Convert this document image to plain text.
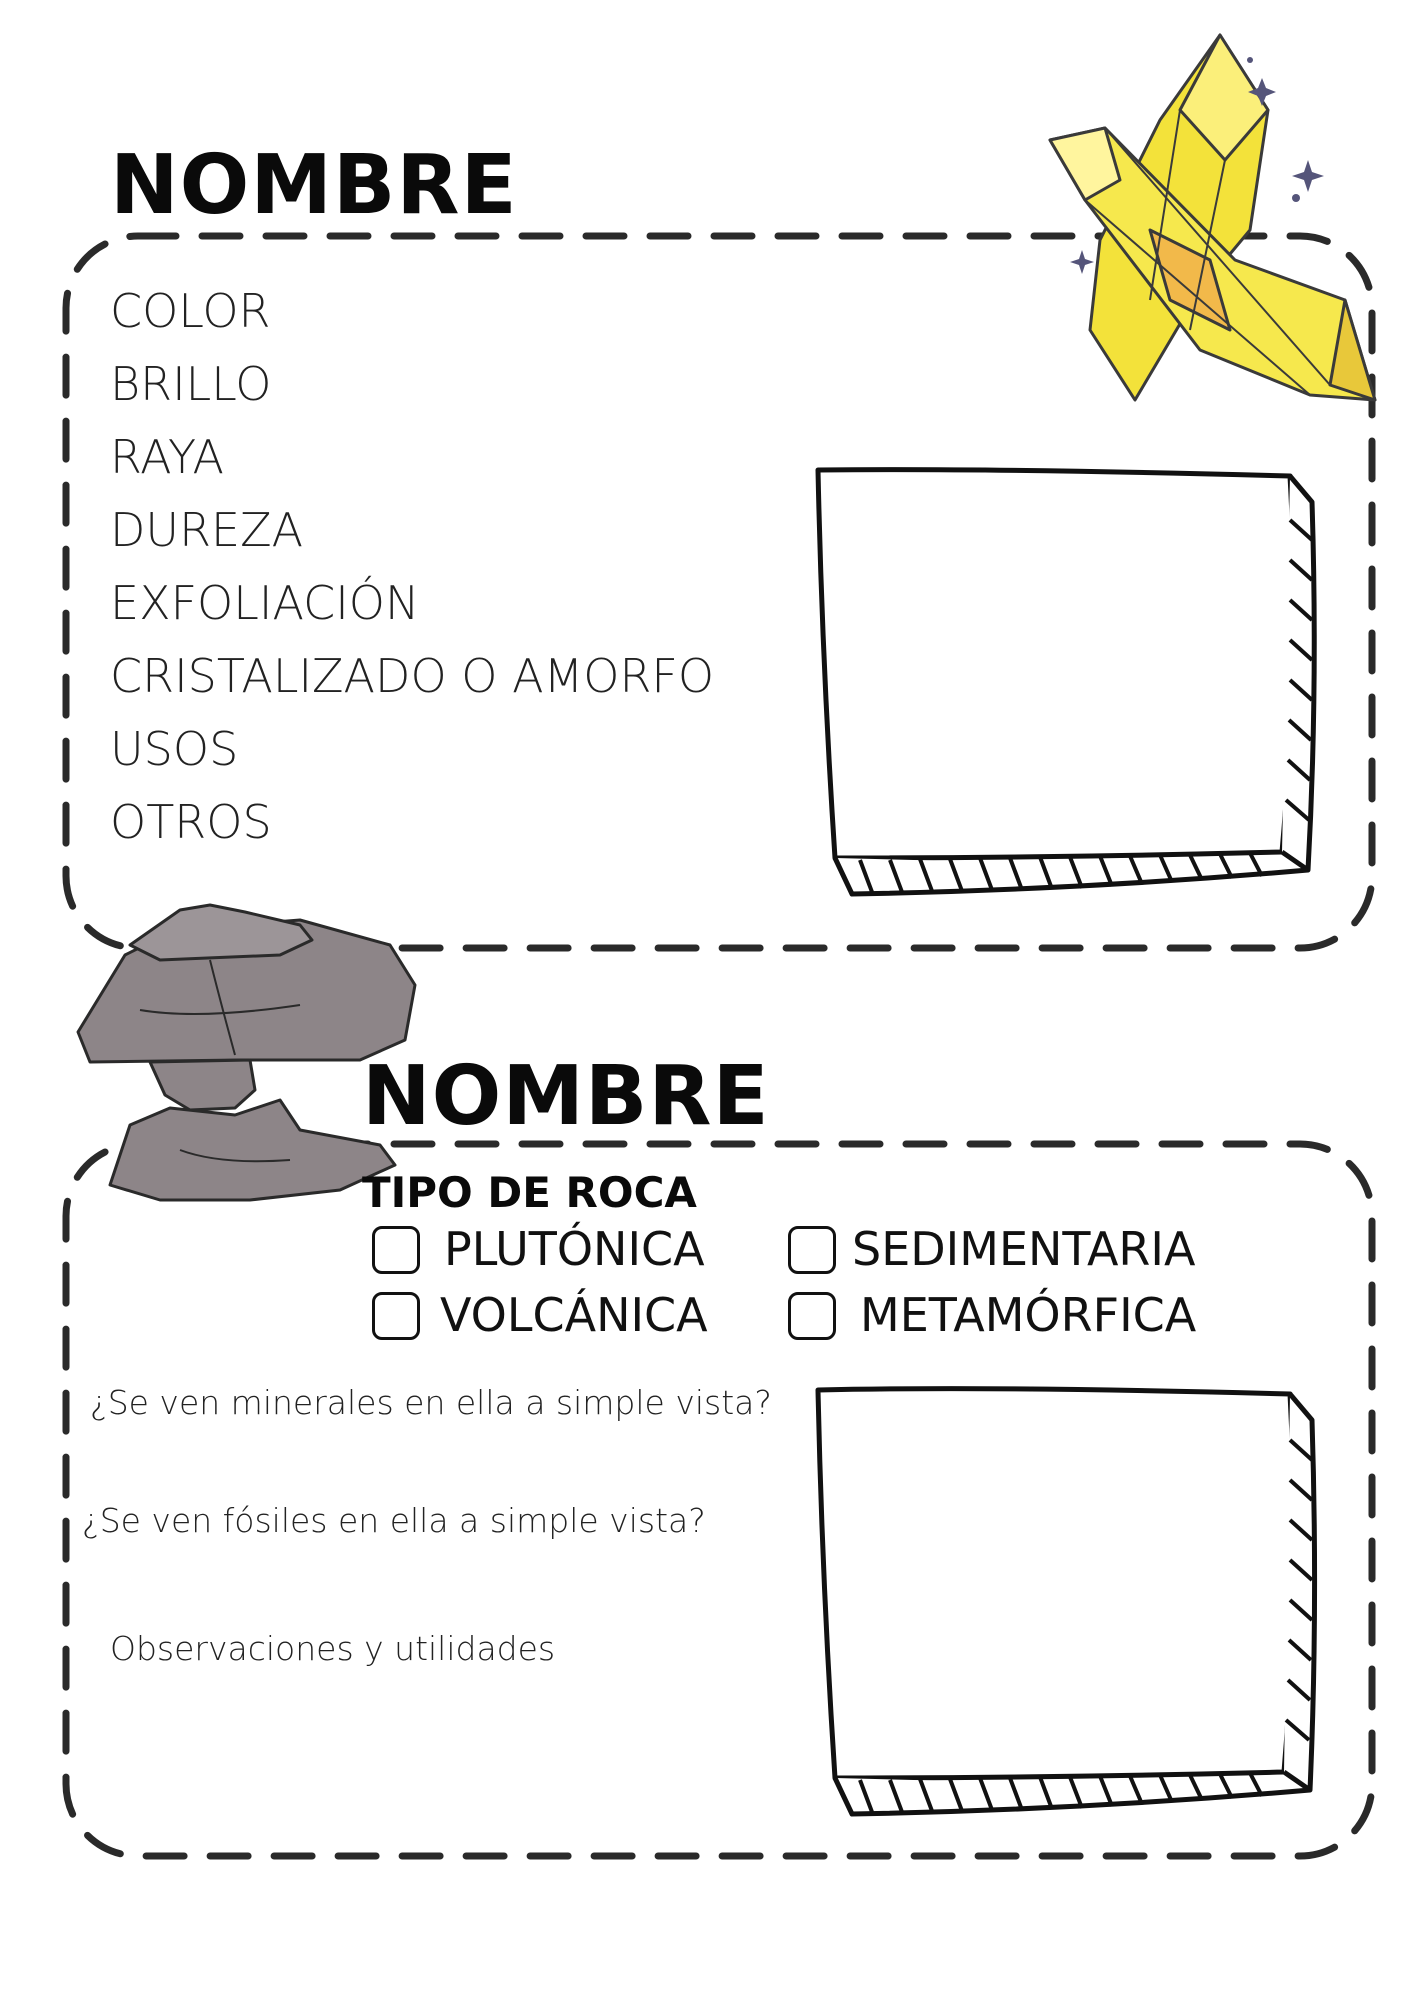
NOMBRE
COLOR
BRILLO
RAYA
DUREZA
EXFOLIACIÓN
CRISTALIZADO O AMORFO
USOS
OTROS
NOMBRE
TIPO DE ROCA
PLUTÓNICA	SEDIMENTARIA
VOLCÁNICA	METAMÓRFICA
¿Se ven minerales en ella a simple vista?
¿Se ven fósiles en ella a simple vista?
Observaciones y utilidades
